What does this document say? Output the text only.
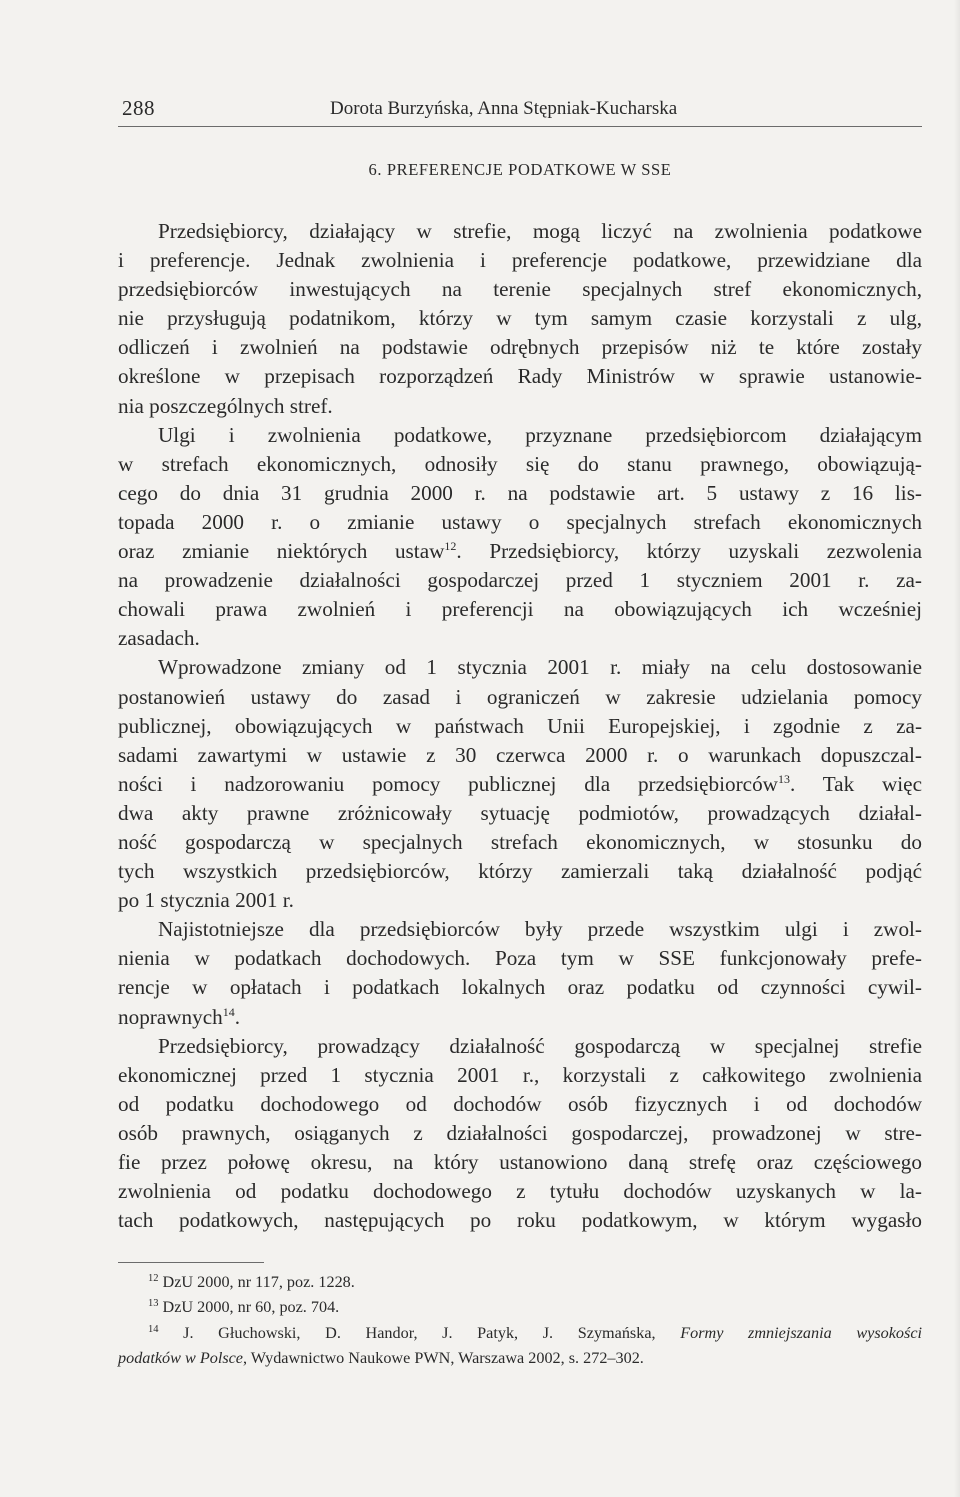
288	Dorota Burzyńska, Anna Stępniak-Kucharska
6. PREFERENCJE PODATKOWE W SSE

Przedsiębiorcy, działający w strefie, mogą liczyć na zwolnienia podatkowe
i preferencje. Jednak zwolnienia i preferencje podatkowe, przewidziane dla
przedsiębiorców inwestujących na terenie specjalnych stref ekonomicznych,
nie przysługują podatnikom, którzy w tym samym czasie korzystali z ulg,
odliczeń i zwolnień na podstawie odrębnych przepisów niż te które zostały
określone w przepisach rozporządzeń Rady Ministrów w sprawie ustanowie-
nia poszczególnych stref.

Ulgi i zwolnienia podatkowe, przyznane przedsiębiorcom działającym
w strefach ekonomicznych, odnosiły się do stanu prawnego, obowiązują-
cego do dnia 31 grudnia 2000 r. na podstawie art. 5 ustawy z 16 lis-
topada 2000 r. o zmianie ustawy o specjalnych strefach ekonomicznych
oraz zmianie niektórych ustaw$^{12}$. Przedsiębiorcy, którzy uzyskali zezwolenia
na prowadzenie działalności gospodarczej przed 1 styczniem 2001 r. za-
chowali prawa zwolnień i preferencji na obowiązujących ich wcześniej
zasadach.

Wprowadzone zmiany od 1 stycznia 2001 r. miały na celu dostosowanie
postanowień ustawy do zasad i ograniczeń w zakresie udzielania pomocy
publicznej, obowiązujących w państwach Unii Europejskiej, i zgodnie z za-
sadami zawartymi w ustawie z 30 czerwca 2000 r. o warunkach dopuszczal-
ności i nadzorowaniu pomocy publicznej dla przedsiębiorców$^{13}$. Tak więc
dwa akty prawne zróżnicowały sytuację podmiotów, prowadzących działal-
ność gospodarczą w specjalnych strefach ekonomicznych, w stosunku do
tych wszystkich przedsiębiorców, którzy zamierzali taką działalność podjąć
po 1 stycznia 2001 r.

Najistotniejsze dla przedsiębiorców były przede wszystkim ulgi i zwol-
nienia w podatkach dochodowych. Poza tym w SSE funkcjonowały prefe-
rencje w opłatach i podatkach lokalnych oraz podatku od czynności cywil-
noprawnych$^{14}$.

Przedsiębiorcy, prowadzący działalność gospodarczą w specjalnej strefie
ekonomicznej przed 1 stycznia 2001 r., korzystali z całkowitego zwolnienia
od podatku dochodowego od dochodów osób fizycznych i od dochodów
osób prawnych, osiąganych z działalności gospodarczej, prowadzonej w stre-
fie przez połowę okresu, na który ustanowiono daną strefę oraz częściowego
zwolnienia od podatku dochodowego z tytułu dochodów uzyskanych w la-
tach podatkowych, następujących po roku podatkowym, w którym wygasło

$^{12}$ DzU 2000, nr 117, poz. 1228.
$^{13}$ DzU 2000, nr 60, poz. 704.
$^{14}$ J. Głuchowski, D. Handor, J. Patyk, J. Szymańska, Formy zmniejszania wysokości
podatków w Polsce, Wydawnictwo Naukowe PWN, Warszawa 2002, s. 272–302.
